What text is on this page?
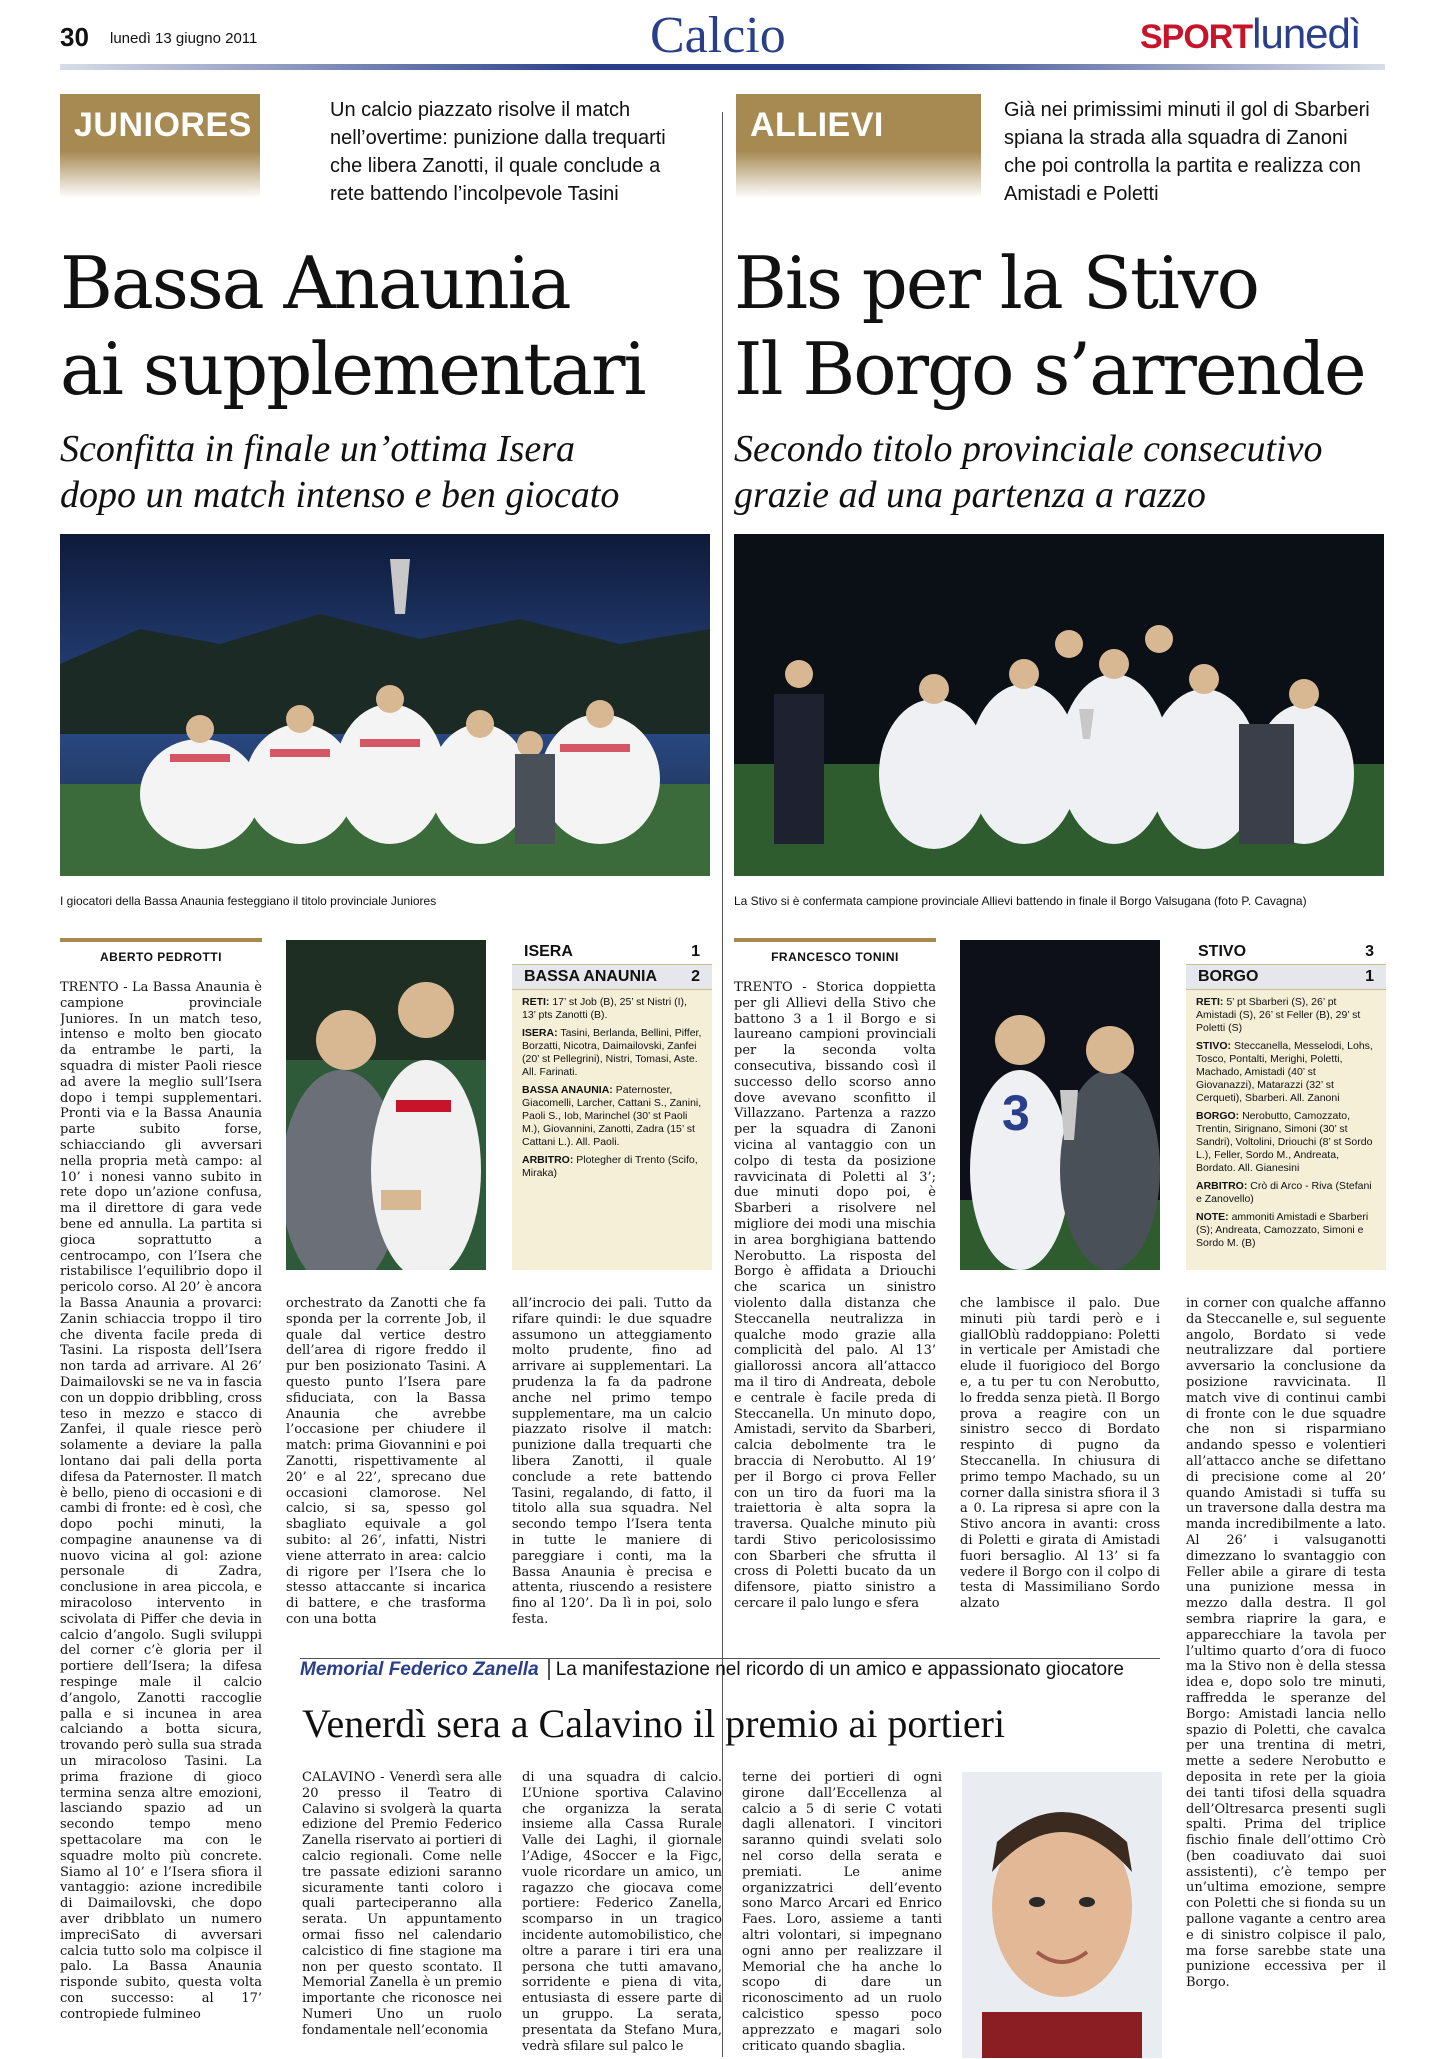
30 lunedì 13 giugno 2011	Calcio	SPORTlunedì
JUNIORES	Un calcio piazzato risolve il match nell’overtime: punizione dalla trequarti che libera Zanotti, il quale conclude a rete battendo l’incolpevole Tasini
Bassa Anaunia
ai supplementari
Sconfitta in finale un’ottima Isera
dopo un match intenso e ben giocato
I giocatori della Bassa Anaunia festeggiano il titolo provinciale Juniores
ABERTO PEDROTTI
TRENTO - La Bassa Anaunia è campione provinciale Juniores. In un match teso, intenso e molto ben giocato da entrambe le parti, la squadra di mister Paoli riesce ad avere la meglio sull’Isera dopo i tempi supplementari. Pronti via e la Bassa Anaunia parte subito forse, schiacciando gli avversari nella propria metà campo: al 10’ i nonesi vanno subito in rete dopo un’azione confusa, ma il direttore di gara vede bene ed annulla. La partita si gioca soprattutto a centrocampo, con l’Isera che ristabilisce l’equilibrio dopo il pericolo corso. Al 20’ è ancora la Bassa Anaunia a provarci: Zanin schiaccia troppo il tiro che diventa facile preda di Tasini. La risposta dell’Isera non tarda ad arrivare. Al 26’ Daimailovski se ne va in fascia con un doppio dribbling, cross teso in mezzo e stacco di Zanfei, il quale riesce però solamente a deviare la palla lontano dai pali della porta difesa da Paternoster. Il match è bello, pieno di occasioni e di cambi di fronte: ed è così, che dopo pochi minuti, la compagine anaunense va di nuovo vicina al gol: azione personale di Zadra, conclusione in area piccola, e miracoloso intervento in scivolata di Piffer che devia in calcio d’angolo. Sugli sviluppi del corner c’è gloria per il portiere dell’Isera; la difesa respinge male il calcio d’angolo, Zanotti raccoglie palla e si incunea in area calciando a botta sicura, trovando però sulla sua strada un miracoloso Tasini. La prima frazione di gioco termina senza altre emozioni, lasciando spazio ad un secondo tempo meno spettacolare ma con le squadre molto più concrete. Siamo al 10’ e l’Isera sfiora il vantaggio: azione incredibile di Daimailovski, che dopo aver dribblato un numero impreciSato di avversari calcia tutto solo ma colpisce il palo. La Bassa Anaunia risponde subito, questa volta con successo: al 17’ contropiede fulmineo
orchestrato da Zanotti che fa sponda per la corrente Job, il quale dal vertice destro dell’area di rigore freddo il pur ben posizionato Tasini. A questo punto l’Isera pare sfiduciata, con la Bassa Anaunia che avrebbe l’occasione per chiudere il match: prima Giovannini e poi Zanotti, rispettivamente al 20’ e al 22’, sprecano due occasioni clamorose. Nel calcio, si sa, spesso gol sbagliato equivale a gol subito: al 26’, infatti, Nistri viene atterrato in area: calcio di rigore per l’Isera che lo stesso attaccante si incarica di battere, e che trasforma con una botta
ISERA	1
BASSA ANAUNIA 2

RETI: 17’ st Job (B), 25’ st Nistri (I), 13’ pts Zanotti (B).

ISERA: Tasini, Berlanda, Bellini, Piffer, Borzatti, Nicotra, Daimailovski, Zanfei (20’ st Pellegrini), Nistri, Tomasi, Aste. All. Farinati.

BASSA ANAUNIA: Paternoster, Giacomelli, Larcher, Cattani S., Zanini, Paoli S., Iob, Marinchel (30’ st Paoli M.), Giovannini, Zanotti, Zadra (15’ st Cattani L.). All. Paoli.

ARBITRO: Plotegher di Trento (Scifo, Miraka)

all’incrocio dei pali. Tutto da rifare quindi: le due squadre assumono un atteggiamento molto prudente, fino ad arrivare ai supplementari. La prudenza la fa da padrone anche nel primo tempo supplementare, ma un calcio piazzato risolve il match: punizione dalla trequarti che libera Zanotti, il quale conclude a rete battendo Tasini, regalando, di fatto, il titolo alla sua squadra. Nel secondo tempo l’Isera tenta in tutte le maniere di pareggiare i conti, ma la Bassa Anaunia è precisa e attenta, riuscendo a resistere fino al 120’. Da lì in poi, solo festa.
ALLIEVI	Già nei primissimi minuti il gol di Sbarberi spiana la strada alla squadra di Zanoni che poi controlla la partita e realizza con Amistadi e Poletti
Bis per la Stivo
Il Borgo s’arrende
Secondo titolo provinciale consecutivo
grazie ad una partenza a razzo
La Stivo si è confermata campione provinciale Allievi battendo in finale il Borgo Valsugana (foto P. Cavagna)
FRANCESCO TONINI
TRENTO - Storica doppietta per gli Allievi della Stivo che battono 3 a 1 il Borgo e si laureano campioni provinciali per la seconda volta consecutiva, bissando così il successo dello scorso anno dove avevano sconfitto il Villazzano. Partenza a razzo per la squadra di Zanoni vicina al vantaggio con un colpo di testa da posizione ravvicinata di Poletti al 3’; due minuti dopo poi, è Sbarberi a risolvere nel migliore dei modi una mischia in area borghigiana battendo Nerobutto. La risposta del Borgo è affidata a Driouchi che scarica un sinistro violento dalla distanza che Steccanella neutralizza in qualche modo grazie alla complicità del palo. Al 13’ giallorossi ancora all’attacco ma il tiro di Andreata, debole e centrale è facile preda di Steccanella. Un minuto dopo, Amistadi, servito da Sbarberi, calcia debolmente tra le braccia di Nerobutto. Al 19’ per il Borgo ci prova Feller con un tiro da fuori ma la traiettoria è alta sopra la traversa. Qualche minuto più tardi Stivo pericolosissimo con Sbarberi che sfrutta il cross di Poletti bucato da un difensore, piatto sinistro a cercare il palo lungo e sfera
3
che lambisce il palo. Due minuti più tardi però e i giallOblù raddoppiano: Poletti in verticale per Amistadi che elude il fuorigioco del Borgo e, a tu per tu con Nerobutto, lo fredda senza pietà. Il Borgo prova a reagire con un sinistro secco di Bordato respinto di pugno da Steccanella. In chiusura di primo tempo Machado, su un corner dalla sinistra sfiora il 3 a 0. La ripresa si apre con la Stivo ancora in avanti: cross di Poletti e girata di Amistadi fuori bersaglio. Al 13’ si fa vedere il Borgo con il colpo di testa di Massimiliano Sordo alzato
STIVO	3
BORGO	1

RETI: 5’ pt Sbarberi (S), 26’ pt Amistadi (S), 26’ st Feller (B), 29’ st Poletti (S)

STIVO: Steccanella, Messelodi, Lohs, Tosco, Pontalti, Merighi, Poletti, Machado, Amistadi (40’ st Giovanazzi), Matarazzi (32’ st Cerqueti), Sbarberi. All. Zanoni

BORGO: Nerobutto, Camozzato, Trentin, Sirignano, Simoni (30’ st Sandri), Voltolini, Driouchi (8’ st Sordo L.), Feller, Sordo M., Andreata, Bordato. All. Gianesini

ARBITRO: Crò di Arco - Riva (Stefani e Zanovello)

NOTE: ammoniti Amistadi e Sbarberi (S); Andreata, Camozzato, Simoni e Sordo M. (B)

in corner con qualche affanno da Steccanelle e, sul seguente angolo, Bordato si vede neutralizzare dal portiere avversario la conclusione da posizione ravvicinata. Il match vive di continui cambi di fronte con le due squadre che non si risparmiano andando spesso e volentieri all’attacco anche se difettano di precisione come al 20’ quando Amistadi si tuffa su un traversone dalla destra ma manda incredibilmente a lato. Al 26’ i valsuganotti dimezzano lo svantaggio con Feller abile a girare di testa una punizione messa in mezzo dalla destra. Il gol sembra riaprire la gara, e apparecchiare la tavola per l’ultimo quarto d’ora di fuoco ma la Stivo non è della stessa idea e, dopo solo tre minuti, raffredda le speranze del Borgo: Amistadi lancia nello spazio di Poletti, che cavalca per una trentina di metri, mette a sedere Nerobutto e deposita in rete per la gioia dei tanti tifosi della squadra dell’Oltresarca presenti sugli spalti. Prima del triplice fischio finale dell’ottimo Crò (ben coadiuvato dai suoi assistenti), c’è tempo per un’ultima emozione, sempre con Poletti che si fionda su un pallone vagante a centro area e di sinistro colpisce il palo, ma forse sarebbe state una punizione eccessiva per il Borgo.
Memorial Federico Zanella La manifestazione nel ricordo di un amico e appassionato giocatore
Venerdì sera a Calavino il premio ai portieri
CALAVINO - Venerdì sera alle 20 presso il Teatro di Calavino si svolgerà la quarta edizione del Premio Federico Zanella riservato ai portieri di calcio regionali. Come nelle tre passate edizioni saranno sicuramente tanti coloro i quali parteciperanno alla serata. Un appuntamento ormai fisso nel calendario calcistico di fine stagione ma non per questo scontato. Il Memorial Zanella è un premio importante che riconosce nei Numeri Uno un ruolo fondamentale nell’economia
di una squadra di calcio. L’Unione sportiva Calavino che organizza la serata insieme alla Cassa Rurale Valle dei Laghi, il giornale l’Adige, 4Soccer e la Figc, vuole ricordare un amico, un ragazzo che giocava come portiere: Federico Zanella, scomparso in un tragico incidente automobilistico, che oltre a parare i tiri era una persona che tutti amavano, sorridente e piena di vita, entusiasta di essere parte di un gruppo. La serata, presentata da Stefano Mura, vedrà sfilare sul palco le
terne dei portieri di ogni girone dall’Eccellenza al calcio a 5 di serie C votati dagli allenatori. I vincitori saranno quindi svelati solo nel corso della serata e premiati. Le anime organizzatrici dell’evento sono Marco Arcari ed Enrico Faes. Loro, assieme a tanti altri volontari, si impegnano ogni anno per realizzare il Memorial che ha anche lo scopo di dare un riconoscimento ad un ruolo calcistico spesso poco apprezzato e magari solo criticato quando sbaglia.
